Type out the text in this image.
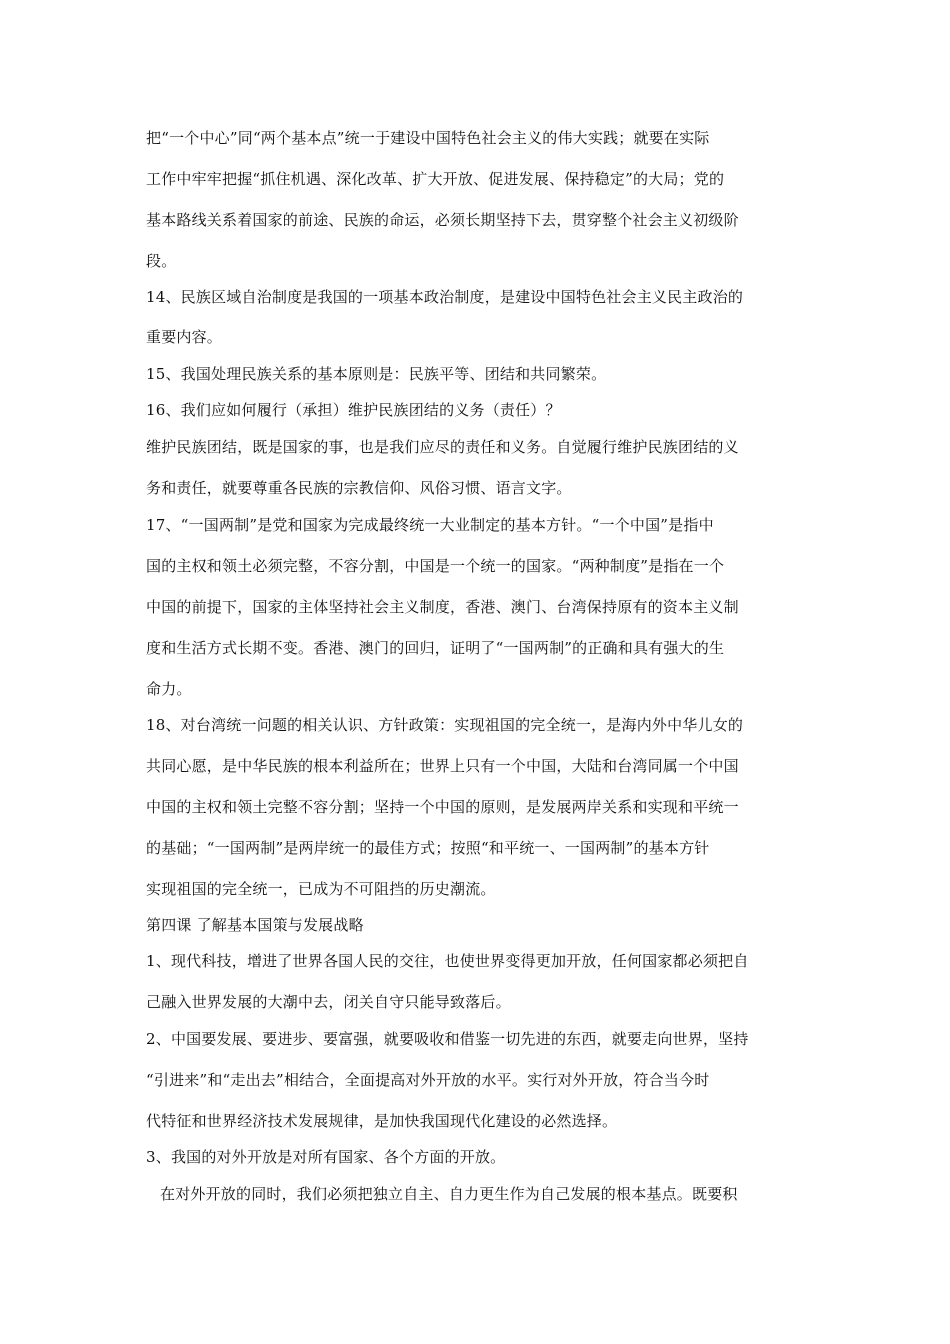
把“一个中心”同“两个基本点”统一于建设中国特色社会主义的伟大实践；就要在实际
工作中牢牢把握“抓住机遇、深化改革、扩大开放、促进发展、保持稳定”的大局；党的
基本路线关系着国家的前途、民族的命运，必须长期坚持下去，贯穿整个社会主义初级阶
段。
14、民族区域自治制度是我国的一项基本政治制度，是建设中国特色社会主义民主政治的
重要内容。
15、我国处理民族关系的基本原则是：民族平等、团结和共同繁荣。
16、我们应如何履行（承担）维护民族团结的义务（责任）？
维护民族团结，既是国家的事，也是我们应尽的责任和义务。自觉履行维护民族团结的义
务和责任，就要尊重各民族的宗教信仰、风俗习惯、语言文字。
17、“一国两制”是党和国家为完成最终统一大业制定的基本方针。“一个中国”是指中
国的主权和领土必须完整，不容分割，中国是一个统一的国家。“两种制度”是指在一个
中国的前提下，国家的主体坚持社会主义制度，香港、澳门、台湾保持原有的资本主义制
度和生活方式长期不变。香港、澳门的回归，证明了“一国两制”的正确和具有强大的生
命力。
18、对台湾统一问题的相关认识、方针政策：实现祖国的完全统一，是海内外中华儿女的
共同心愿，是中华民族的根本利益所在；世界上只有一个中国，大陆和台湾同属一个中国
中国的主权和领土完整不容分割；坚持一个中国的原则，是发展两岸关系和实现和平统一
的基础；“一国两制”是两岸统一的最佳方式；按照“和平统一、一国两制”的基本方针
实现祖国的完全统一，已成为不可阻挡的历史潮流。
第四课 了解基本国策与发展战略
1、现代科技，增进了世界各国人民的交往，也使世界变得更加开放，任何国家都必须把自
己融入世界发展的大潮中去，闭关自守只能导致落后。
2、中国要发展、要进步、要富强，就要吸收和借鉴一切先进的东西，就要走向世界，坚持
“引进来”和“走出去”相结合，全面提高对外开放的水平。实行对外开放，符合当今时
代特征和世界经济技术发展规律，是加快我国现代化建设的必然选择。
3、我国的对外开放是对所有国家、各个方面的开放。
在对外开放的同时，我们必须把独立自主、自力更生作为自己发展的根本基点。既要积
